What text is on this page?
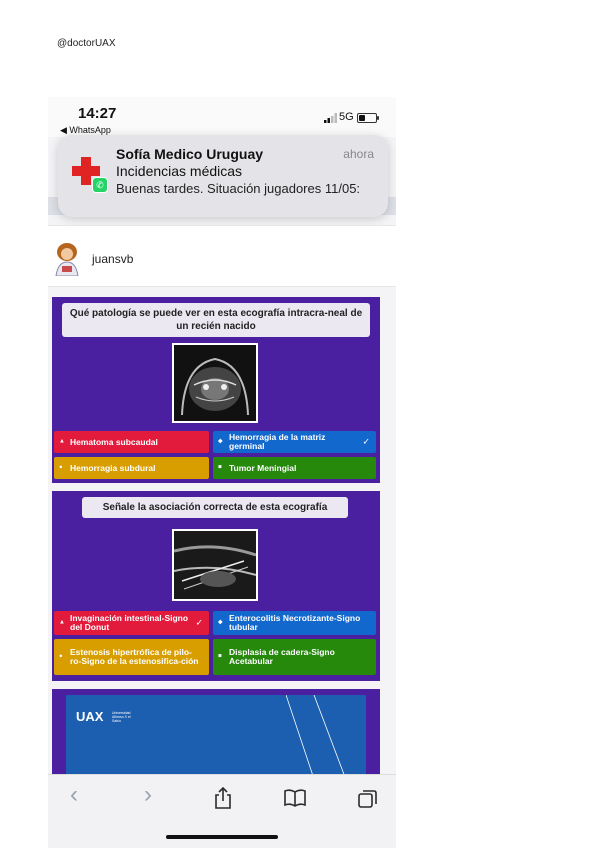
@doctorUAX
14:27
◀ WhatsApp
5G
✆
Sofía Medico Uruguay	ahora
Incidencias médicas
Buenas tardes. Situación jugadores 11/05:
juansvb
Qué patología se puede ver en esta ecografía intracra-neal de un recién nacido
▲ Hematoma subcaudal	◆ Hemorragia de la matriz germinal	✓
● Hemorragia subdural	■ Tumor Meningial
Señale la asociación correcta de esta ecografía
▲ Invaginación intestinal-Signo del Donut	✓	◆ Enterocolitis Necrotizante-Signo tubular
● Estenosis hipertrófica de pilo-ro-Signo de la estenosifica-ción	■ Displasia de cadera-Signo Acetabular
UAX Universidad Alfonso X el Sabio
‹	›
